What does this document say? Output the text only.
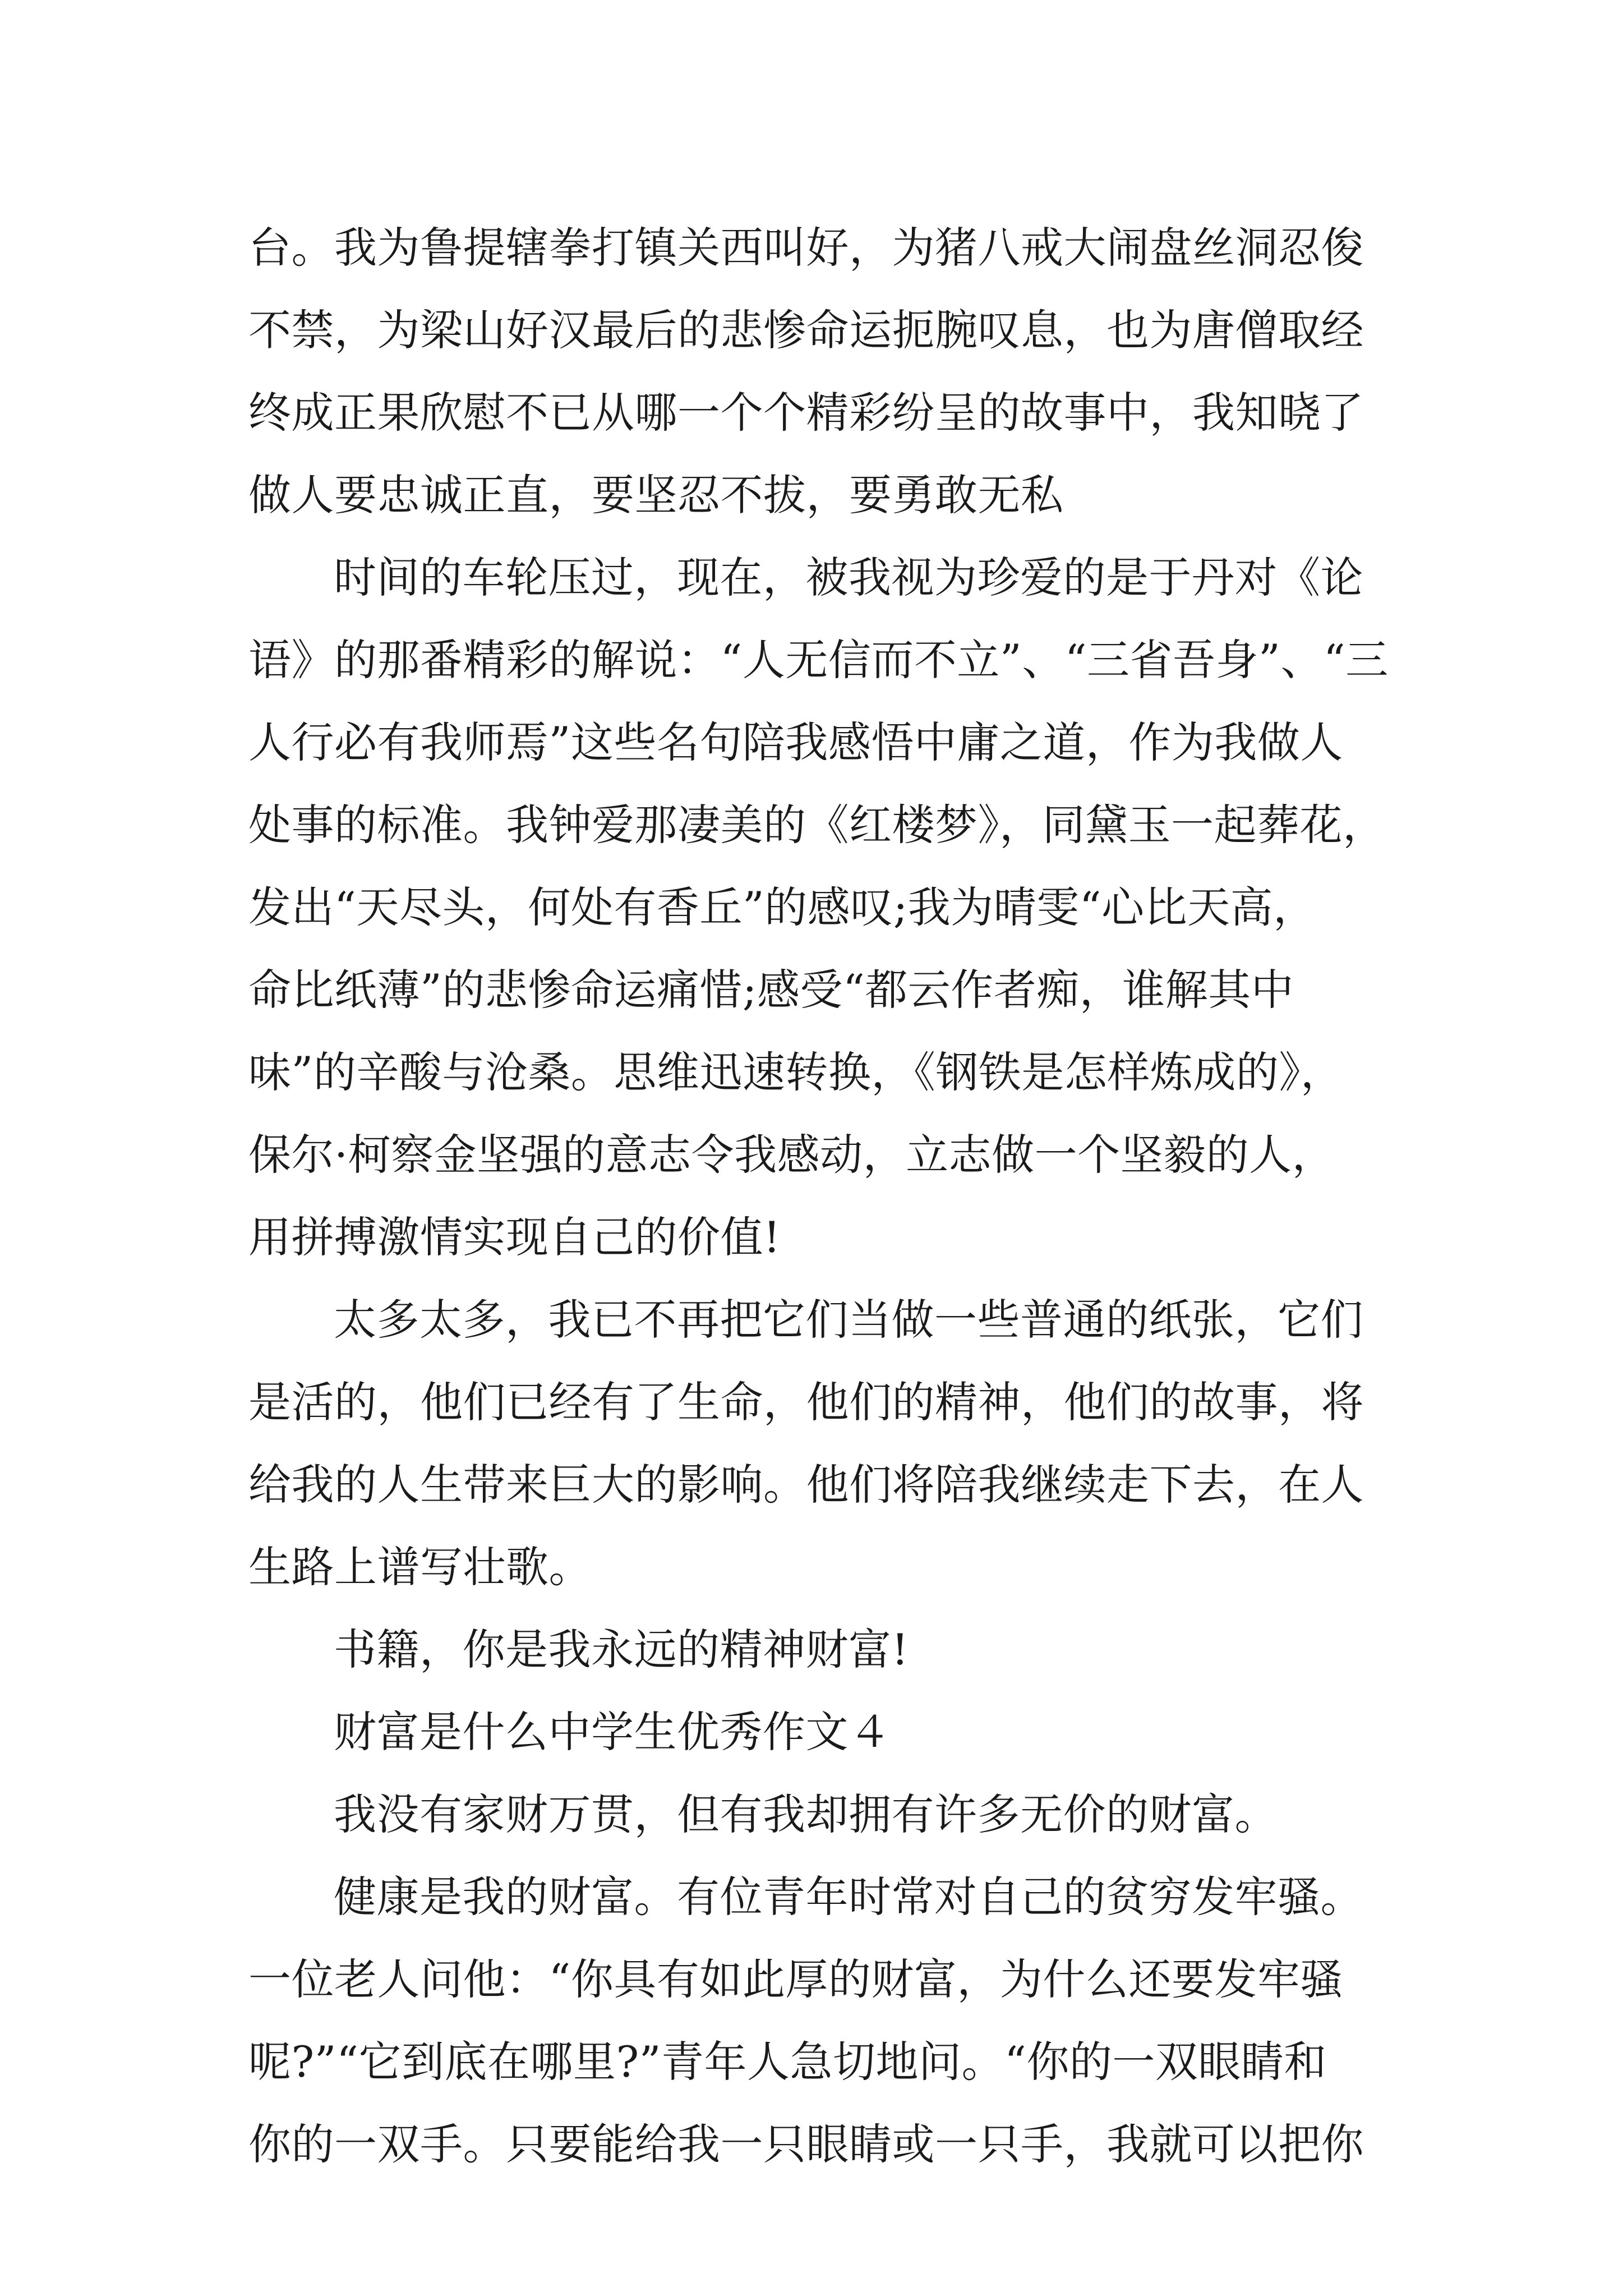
台。我为鲁提辖拳打镇关西叫好，为猪八戒大闹盘丝洞忍俊
不禁，为梁山好汉最后的悲惨命运扼腕叹息，也为唐僧取经
终成正果欣慰不已从哪一个个精彩纷呈的故事中，我知晓了
做人要忠诚正直，要坚忍不拔，要勇敢无私
时间的车轮压过，现在，被我视为珍爱的是于丹对《论
语》的那番精彩的解说：“人无信而不立”、“三省吾身”、“三
人行必有我师焉”这些名句陪我感悟中庸之道，作为我做人
处事的标准。我钟爱那凄美的《红楼梦》，同黛玉一起葬花，
发出“天尽头，何处有香丘”的感叹;我为晴雯“心比天高，
命比纸薄”的悲惨命运痛惜;感受“都云作者痴，谁解其中
味”的辛酸与沧桑。思维迅速转换，《钢铁是怎样炼成的》，
保尔·柯察金坚强的意志令我感动，立志做一个坚毅的人，
用拼搏激情实现自己的价值!
太多太多，我已不再把它们当做一些普通的纸张，它们
是活的，他们已经有了生命，他们的精神，他们的故事，将
给我的人生带来巨大的影响。他们将陪我继续走下去，在人
生路上谱写壮歌。
书籍，你是我永远的精神财富!
财富是什么中学生优秀作文４
我没有家财万贯，但有我却拥有许多无价的财富。
健康是我的财富。有位青年时常对自己的贫穷发牢骚。
一位老人问他：“你具有如此厚的财富，为什么还要发牢骚
呢?”“它到底在哪里?”青年人急切地问。“你的一双眼睛和
你的一双手。只要能给我一只眼睛或一只手，我就可以把你
